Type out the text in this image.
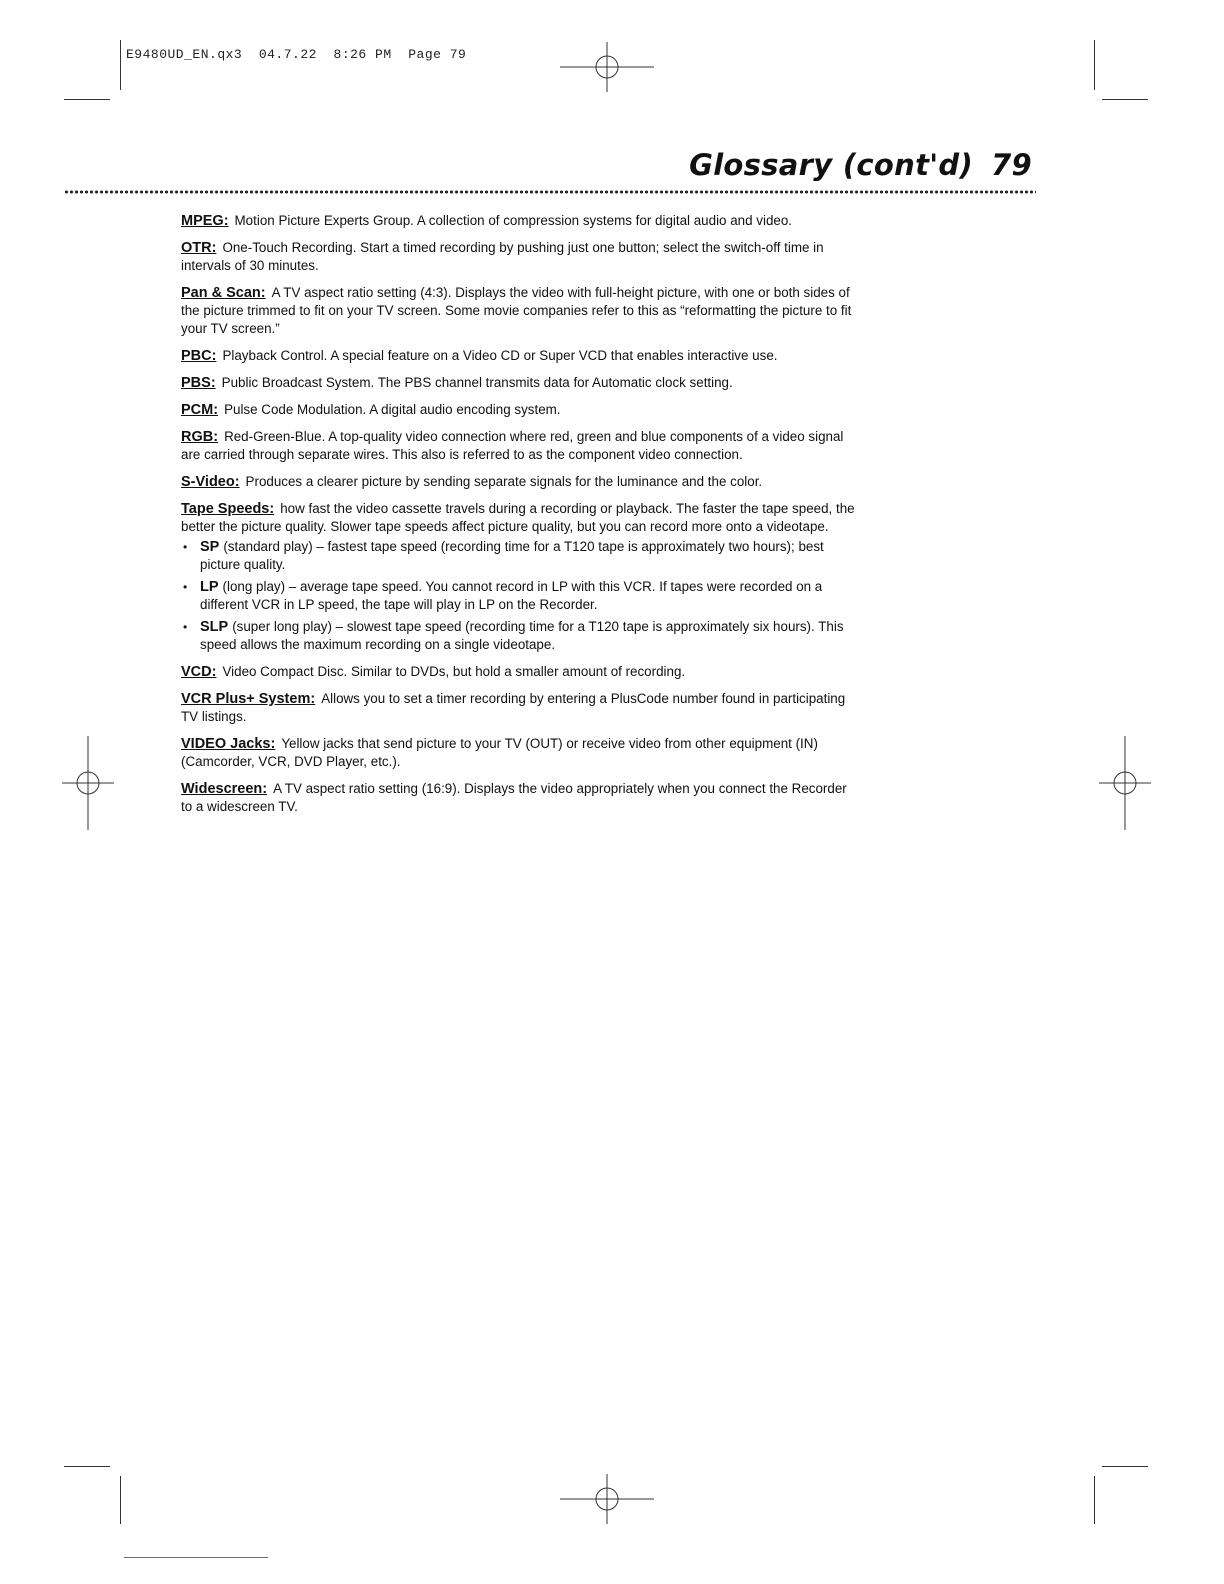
E9480UD_EN.qx3  04.7.22  8:26 PM  Page 79
Glossary (cont'd) 79

MPEG: Motion Picture Experts Group. A collection of compression systems for digital audio and video.

OTR: One-Touch Recording. Start a timed recording by pushing just one button; select the switch-off time in intervals of 30 minutes.

Pan & Scan: A TV aspect ratio setting (4:3). Displays the video with full-height picture, with one or both sides of the picture trimmed to fit on your TV screen. Some movie companies refer to this as “reformatting the picture to fit your TV screen.”

PBC: Playback Control. A special feature on a Video CD or Super VCD that enables interactive use.

PBS: Public Broadcast System. The PBS channel transmits data for Automatic clock setting.

PCM: Pulse Code Modulation. A digital audio encoding system.

RGB: Red-Green-Blue. A top-quality video connection where red, green and blue components of a video signal are carried through separate wires. This also is referred to as the component video connection.

S-Video: Produces a clearer picture by sending separate signals for the luminance and the color.

Tape Speeds: how fast the video cassette travels during a recording or playback. The faster the tape speed, the better the picture quality. Slower tape speeds affect picture quality, but you can record more onto a videotape.

• SP (standard play) – fastest tape speed (recording time for a T120 tape is approximately two hours); best picture quality.
• LP (long play) – average tape speed. You cannot record in LP with this VCR. If tapes were recorded on a different VCR in LP speed, the tape will play in LP on the Recorder.
• SLP (super long play) – slowest tape speed (recording time for a T120 tape is approximately six hours). This speed allows the maximum recording on a single videotape.

VCD: Video Compact Disc. Similar to DVDs, but hold a smaller amount of recording.

VCR Plus+ System: Allows you to set a timer recording by entering a PlusCode number found in participating TV listings.

VIDEO Jacks: Yellow jacks that send picture to your TV (OUT) or receive video from other equipment (IN) (Camcorder, VCR, DVD Player, etc.).

Widescreen: A TV aspect ratio setting (16:9). Displays the video appropriately when you connect the Recorder to a widescreen TV.
